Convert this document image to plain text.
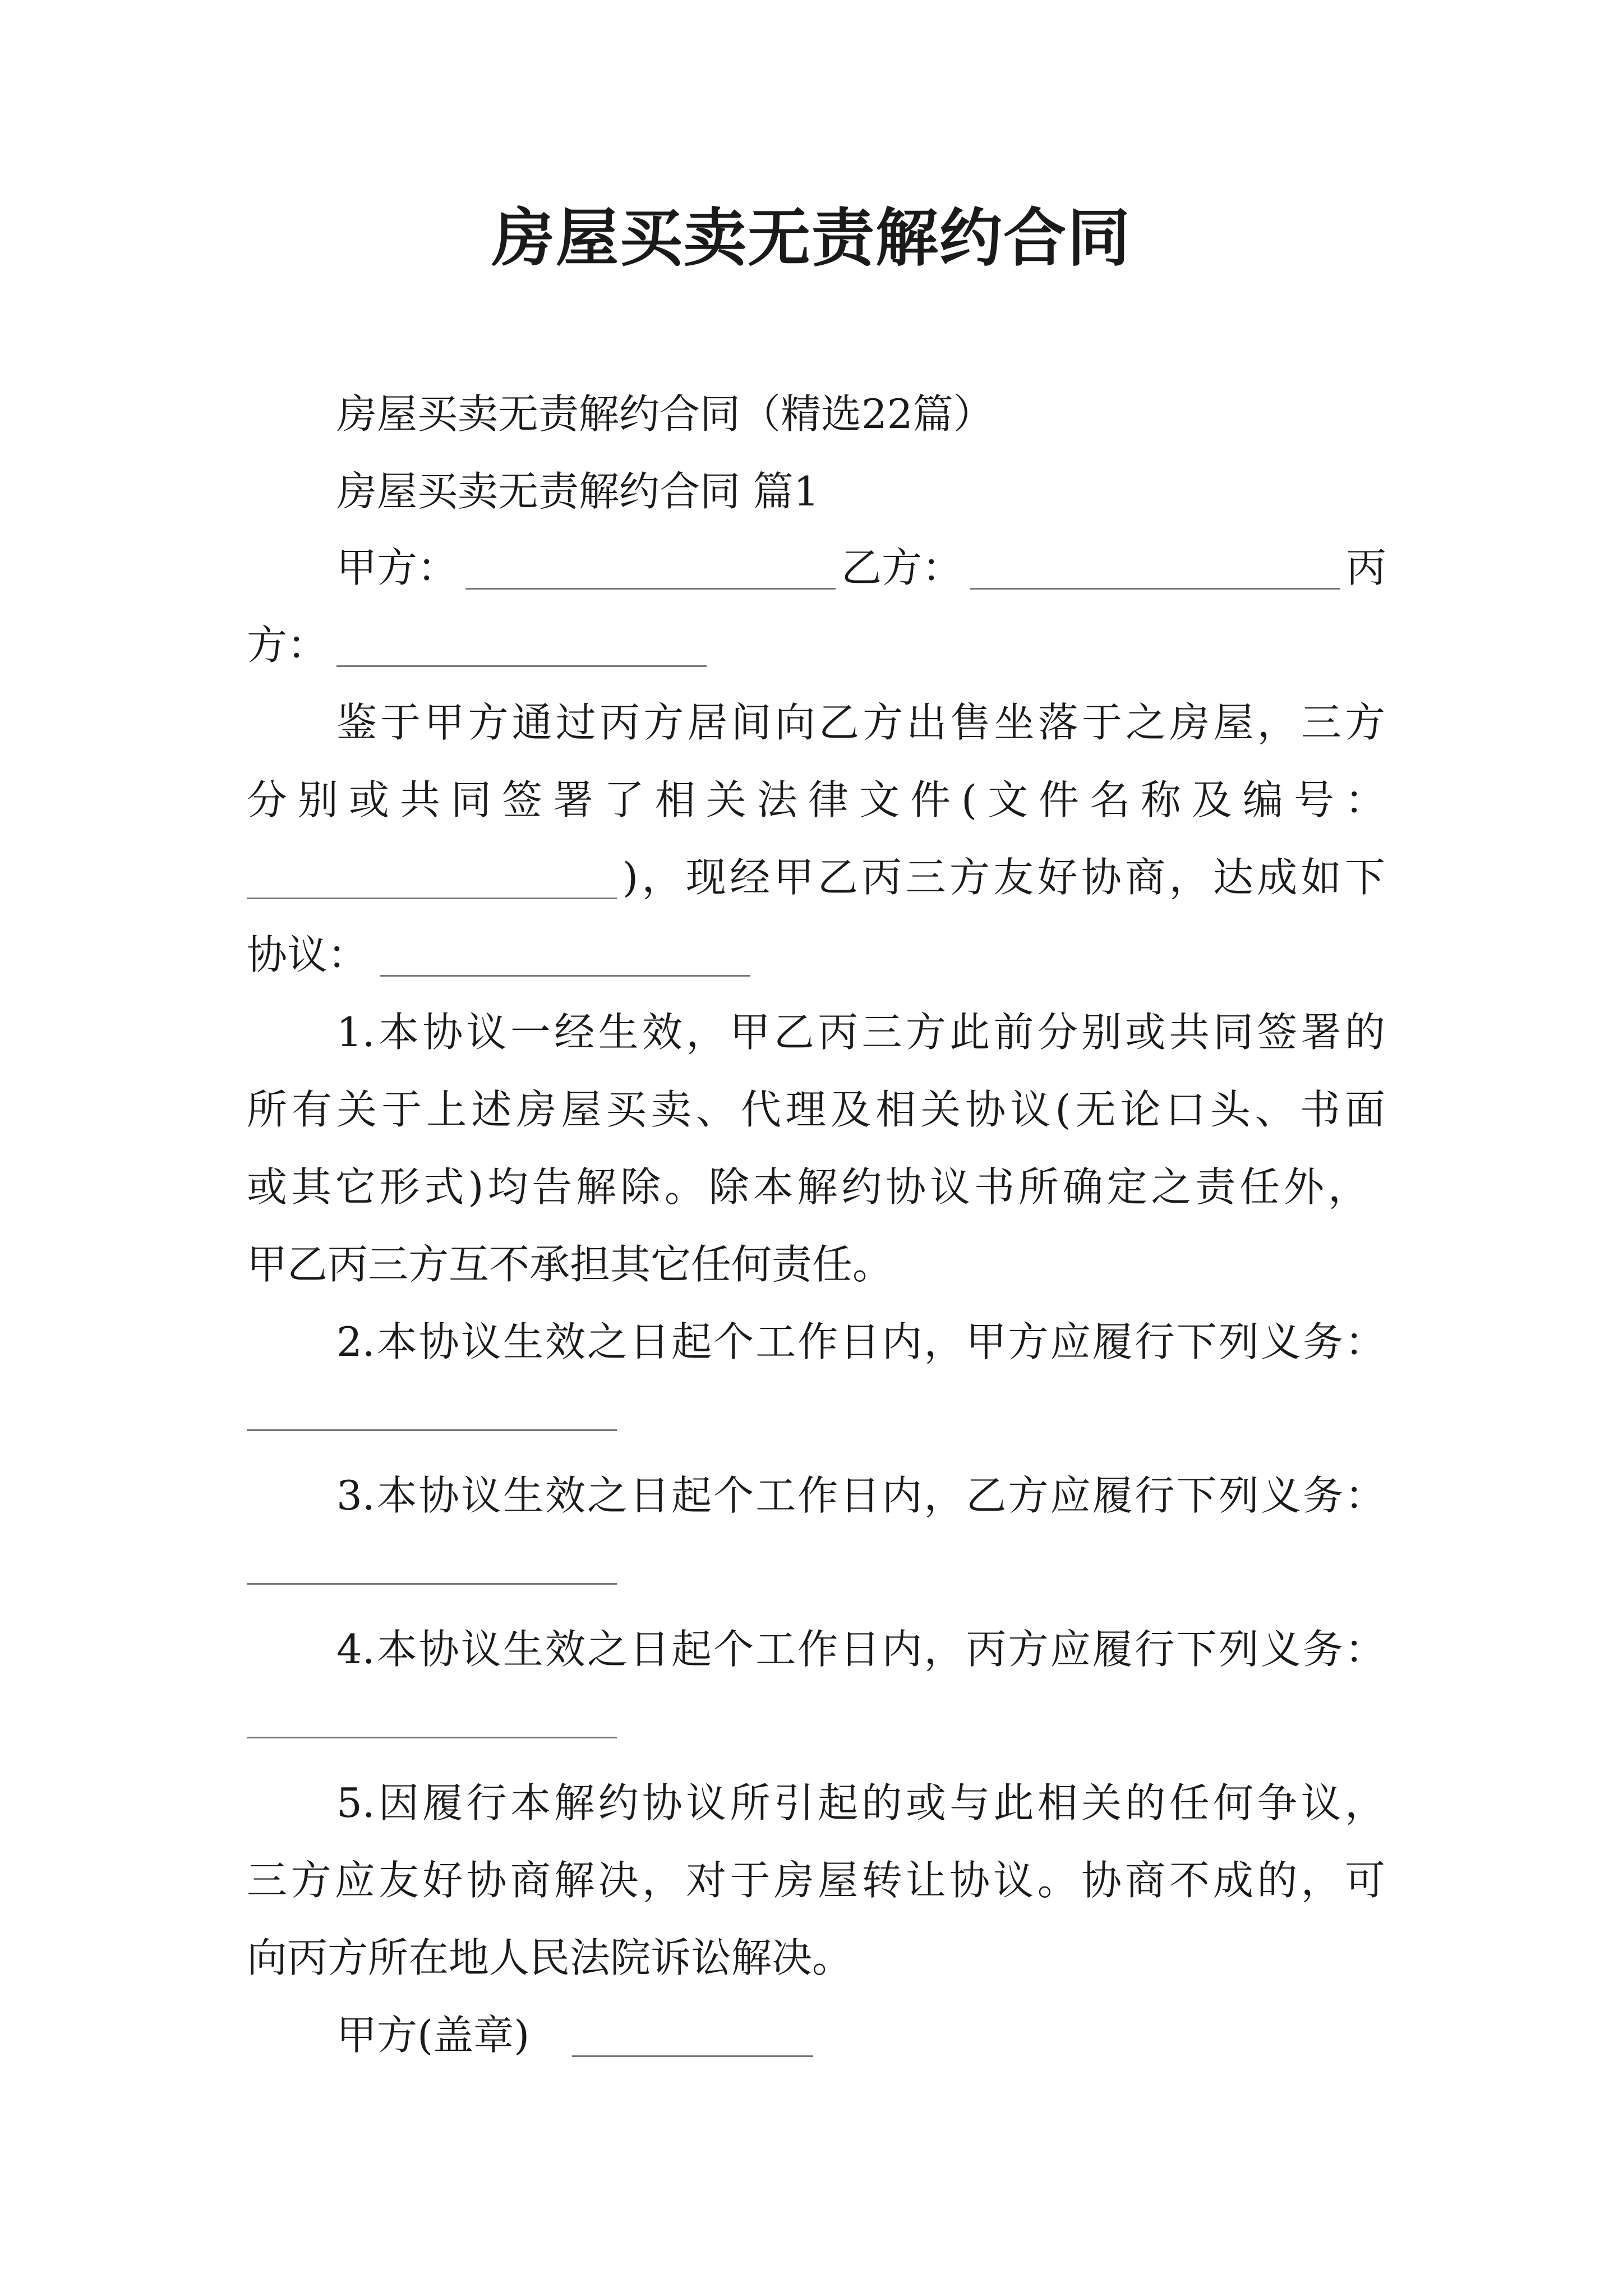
房屋买卖无责解约合同
房屋买卖无责解约合同（精选22篇）
房屋买卖无责解约合同 篇1
甲方：	乙方：	丙
方：
鉴于甲方通过丙方居间向乙方出售坐落于之房屋，三方
分别或共同签署了相关法律文件(文件名称及编号：
)，现经甲乙丙三方友好协商，达成如下
协议：
1.本协议一经生效，甲乙丙三方此前分别或共同签署的
所有关于上述房屋买卖、代理及相关协议(无论口头、书面
或其它形式)均告解除。除本解约协议书所确定之责任外，
甲乙丙三方互不承担其它任何责任。
2.本协议生效之日起个工作日内，甲方应履行下列义务：
3.本协议生效之日起个工作日内，乙方应履行下列义务：
4.本协议生效之日起个工作日内，丙方应履行下列义务：
5.因履行本解约协议所引起的或与此相关的任何争议，
三方应友好协商解决，对于房屋转让协议。协商不成的，可
向丙方所在地人民法院诉讼解决。
甲方(盖章)
